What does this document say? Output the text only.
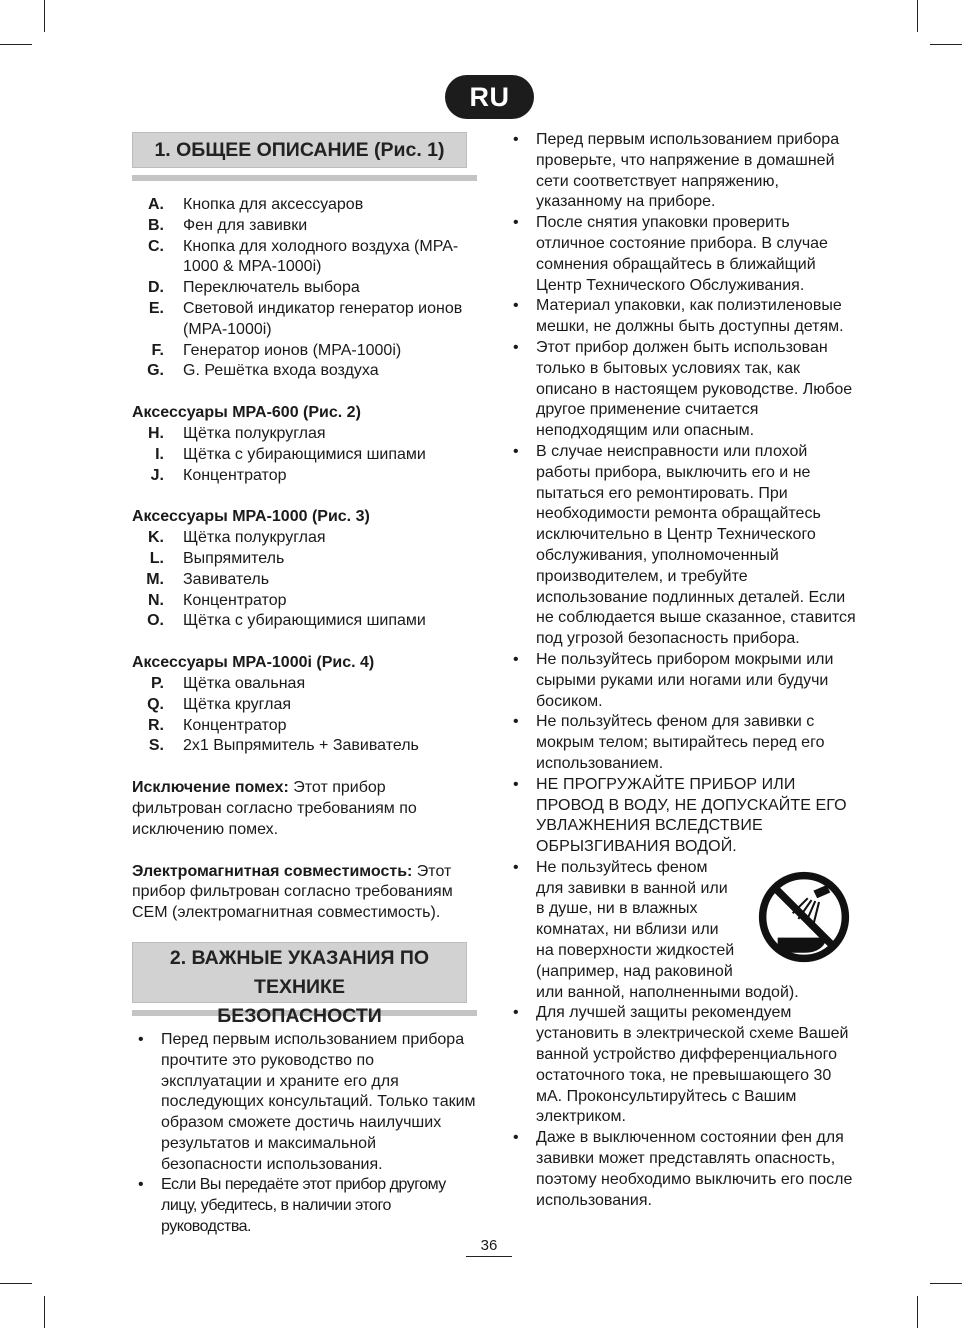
RU
1. ОБЩЕЕ ОПИСАНИЕ (Рис. 1)
A.	Кнопка для аксессуаров
B.	Фен для завивки
C.	Кнопка для холодного воздуха (MPA-1000 & MPA-1000i)
D.	Переключатель выбора
E.	Световой индикатор генератор ионов (MPA-1000i)
F.	Генератор ионов (MPA-1000i)
G.	G. Решётка входа воздуха
Аксессуары MPA-600 (Рис. 2)
H.	Щётка полукруглая
I.	Щётка с убирающимися шипами
J.	Концентратор
Аксессуары MPA-1000 (Рис. 3)
K.	Щётка полукруглая
L.	Выпрямитель
M.	Завиватель
N.	Концентратор
O.	Щётка с убирающимися шипами
Аксессуары MPA-1000i (Рис. 4)
P.	Щётка овальная
Q.	Щётка круглая
R.	Концентратор
S.	2x1 Выпрямитель + Завиватель
Исключение помех: Этот прибор фильтрован согласно требованиям по исключению помех.
Электромагнитная совместимость: Этот прибор фильтрован согласно требованиям CEM (электромагнитная совместимость).
2. ВАЖНЫЕ УКАЗАНИЯ ПО ТЕХНИКЕ
БЕЗОПАСНОСТИ
•	Перед первым использованием прибора прочтите это руководство по эксплуатации и храните его для последующих консультаций. Только таким образом сможете достичь наилучших результатов и максимальной безопасности использования.
•	Если Вы передаёте этот прибор другому лицу, убедитесь, в наличии этого руководства.
•	Перед первым использованием прибора проверьте, что напряжение в домашней сети соответствует напряжению, указанному на приборе.
•	После снятия упаковки проверить отличное состояние прибора. В случае сомнения обращайтесь в ближайщий Центр Технического Обслуживания.
•	Материал упаковки, как полиэтиленовые мешки, не должны быть доступны детям.
•	Этот прибор должен быть использован только в бытовых условиях так, как описано в настоящем руководстве. Любое другое применение считается неподходящим или опасным.
•	В случае неисправности или плохой работы прибора, выключить его и не пытаться его ремонтировать. При необходимости ремонта обращайтесь исключительно в Центр Технического обслуживания, уполномоченный производителем, и требуйте использование подлинных деталей. Если не соблюдается выше сказанное, ставится под угрозой безопасность прибора.
•	Не пользуйтесь прибором мокрыми или сырыми руками или ногами или будучи босиком.
•	Не пользуйтесь феном для завивки с мокрым телом; вытирайтесь перед его использованием.
•	НЕ ПРОГРУЖАЙТЕ ПРИБОР ИЛИ ПРОВОД В ВОДУ, НЕ ДОПУСКАЙТЕ ЕГО УВЛАЖНЕНИЯ ВСЛЕДСТВИЕ ОБРЫЗГИВАНИЯ ВОДОЙ.
•	Не пользуйтесь феном для завивки в ванной или в душе, ни в влажных комнатах, ни вблизи или на поверхности жидкостей (например, над раковиной или ванной, наполненными водой).
•	Для лучшей защиты рекомендуем установить в электрической схеме Вашей ванной устройство дифференциального остаточного тока, не превышающего 30 мА. Проконсультируйтесь с Вашим электриком.
•	Даже в выключенном состоянии фен для завивки может представлять опасность, поэтому необходимо выключить его после использования.
36
